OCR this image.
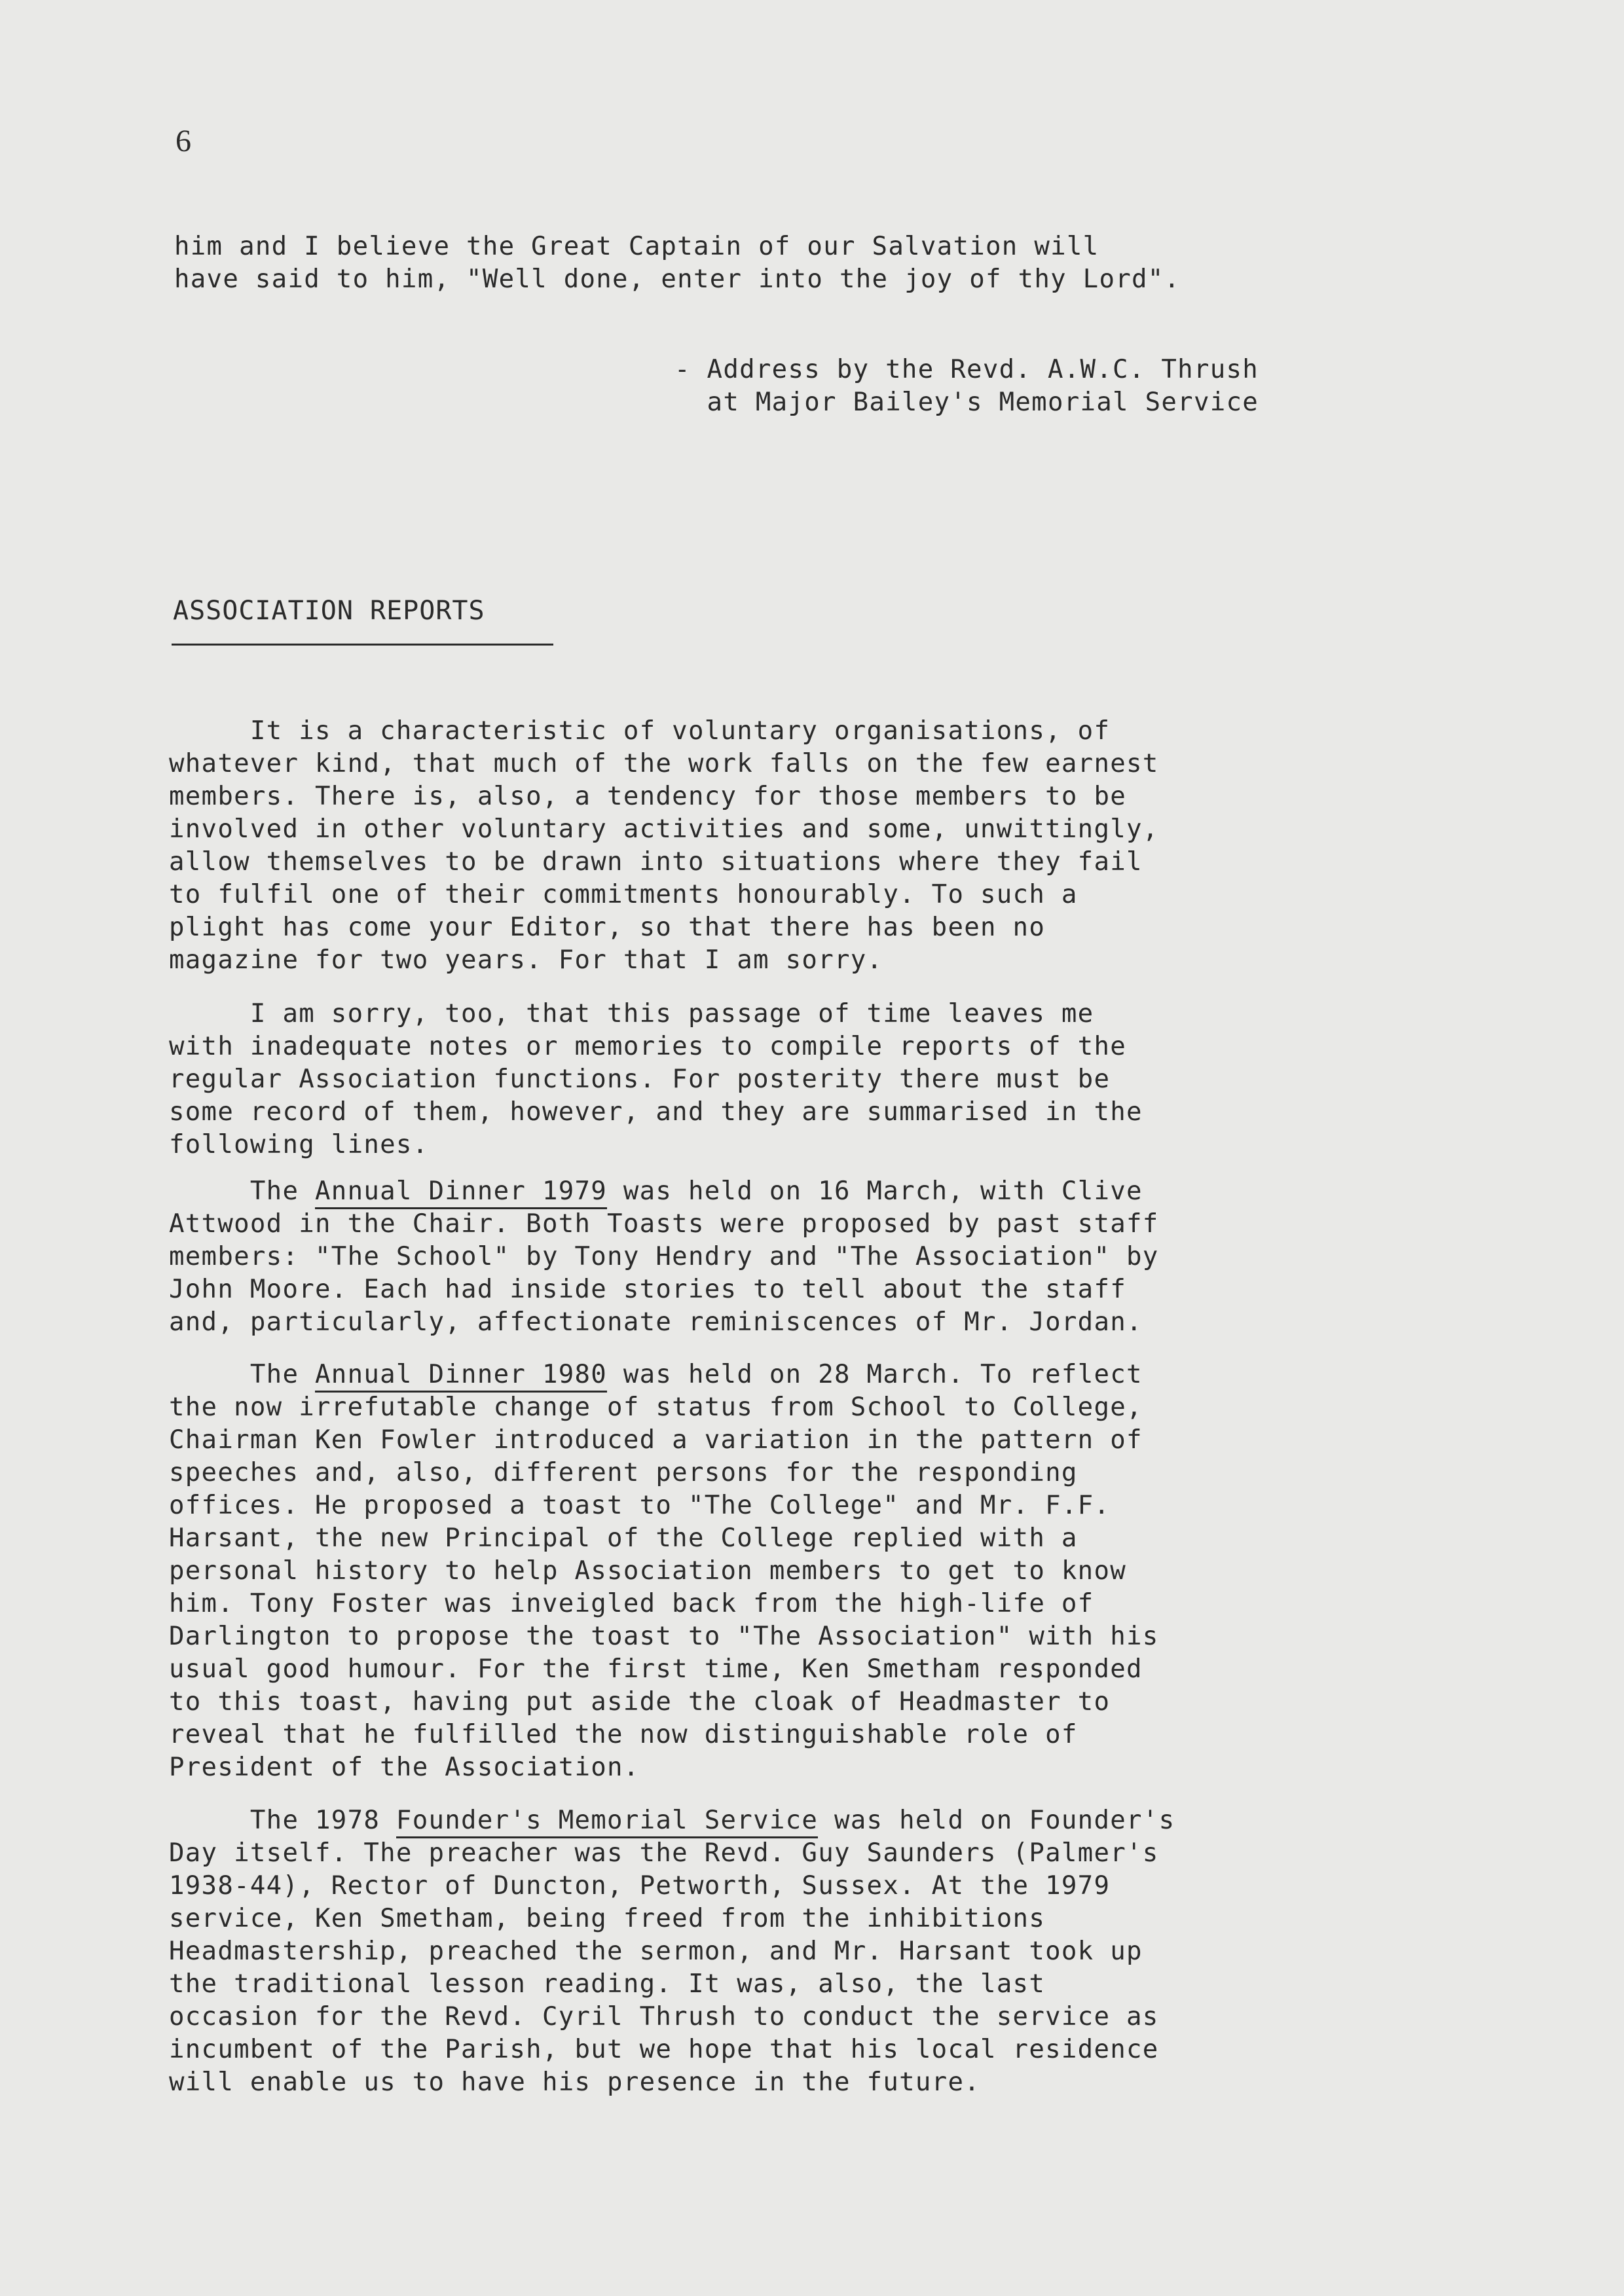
6
him and I believe the Great Captain of our Salvation will
have said to him, "Well done, enter into the joy of thy Lord".
- Address by the Revd. A.W.C. Thrush
at Major Bailey's Memorial Service
ASSOCIATION REPORTS
It is a characteristic of voluntary organisations, of
whatever kind, that much of the work falls on the few earnest
members. There is, also, a tendency for those members to be
involved in other voluntary activities and some, unwittingly,
allow themselves to be drawn into situations where they fail
to fulfil one of their commitments honourably. To such a
plight has come your Editor, so that there has been no
magazine for two years. For that I am sorry.
I am sorry, too, that this passage of time leaves me
with inadequate notes or memories to compile reports of the
regular Association functions. For posterity there must be
some record of them, however, and they are summarised in the
following lines.
The Annual Dinner 1979 was held on 16 March, with Clive
Attwood in the Chair. Both Toasts were proposed by past staff
members: "The School" by Tony Hendry and "The Association" by
John Moore. Each had inside stories to tell about the staff
and, particularly, affectionate reminiscences of Mr. Jordan.
The Annual Dinner 1980 was held on 28 March. To reflect
the now irrefutable change of status from School to College,
Chairman Ken Fowler introduced a variation in the pattern of
speeches and, also, different persons for the responding
offices. He proposed a toast to "The College" and Mr. F.F.
Harsant, the new Principal of the College replied with a
personal history to help Association members to get to know
him. Tony Foster was inveigled back from the high-life of
Darlington to propose the toast to "The Association" with his
usual good humour. For the first time, Ken Smetham responded
to this toast, having put aside the cloak of Headmaster to
reveal that he fulfilled the now distinguishable role of
President of the Association.
The 1978 Founder's Memorial Service was held on Founder's
Day itself. The preacher was the Revd. Guy Saunders (Palmer's
1938-44), Rector of Duncton, Petworth, Sussex. At the 1979
service, Ken Smetham, being freed from the inhibitions
Headmastership, preached the sermon, and Mr. Harsant took up
the traditional lesson reading. It was, also, the last
occasion for the Revd. Cyril Thrush to conduct the service as
incumbent of the Parish, but we hope that his local residence
will enable us to have his presence in the future.
